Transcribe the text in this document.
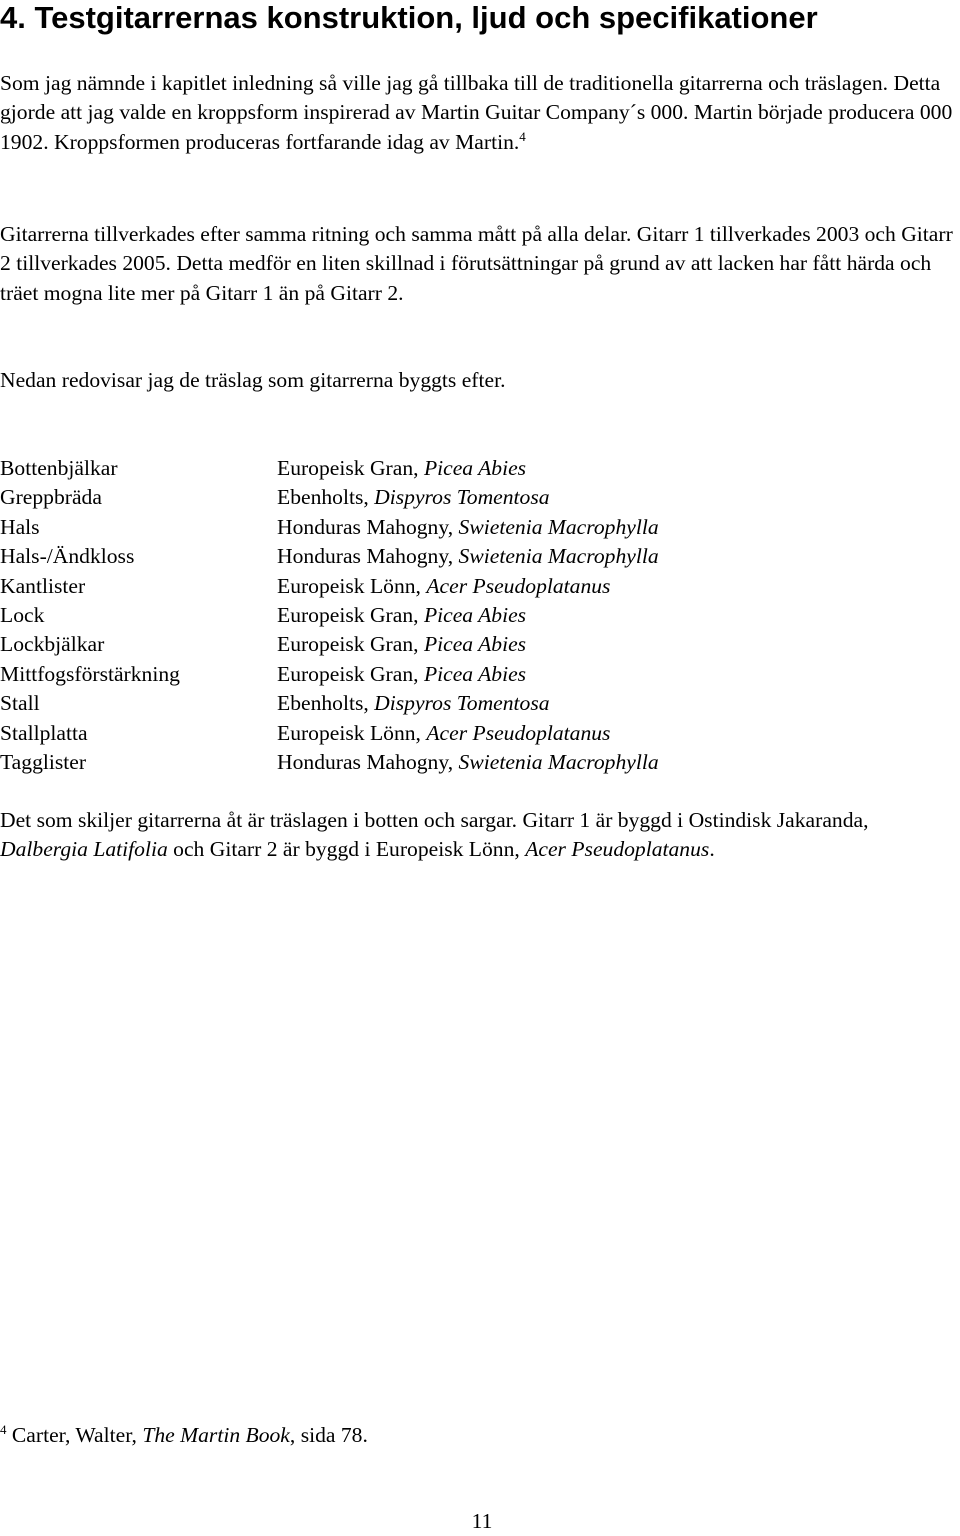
4. Testgitarrernas konstruktion, ljud och specifikationer

Som jag nämnde i kapitlet inledning så ville jag gå tillbaka till de traditionella gitarrerna och träslagen. Detta gjorde att jag valde en kroppsform inspirerad av Martin Guitar Company´s 000. Martin började producera 000 1902. Kroppsformen produceras fortfarande idag av Martin.$^4$

Gitarrerna tillverkades efter samma ritning och samma mått på alla delar. Gitarr 1 tillverkades 2003 och Gitarr 2 tillverkades 2005. Detta medför en liten skillnad i förutsättningar på grund av att lacken har fått härda och träet mogna lite mer på Gitarr 1 än på Gitarr 2.

Nedan redovisar jag de träslag som gitarrerna byggts efter.

Bottenbjälkar	Europeisk Gran, Picea Abies
Greppbräda	Ebenholts, Dispyros Tomentosa
Hals	Honduras Mahogny, Swietenia Macrophylla
Hals-/Ändkloss	Honduras Mahogny, Swietenia Macrophylla
Kantlister	Europeisk Lönn, Acer Pseudoplatanus
Lock	Europeisk Gran, Picea Abies
Lockbjälkar	Europeisk Gran, Picea Abies
Mittfogsförstärkning	Europeisk Gran, Picea Abies
Stall	Ebenholts, Dispyros Tomentosa
Stallplatta	Europeisk Lönn, Acer Pseudoplatanus
Tagglister	Honduras Mahogny, Swietenia Macrophylla

Det som skiljer gitarrerna åt är träslagen i botten och sargar. Gitarr 1 är byggd i Ostindisk Jakaranda, Dalbergia Latifolia och Gitarr 2 är byggd i Europeisk Lönn, Acer Pseudoplatanus.

$^4$ Carter, Walter, The Martin Book, sida 78.

11
